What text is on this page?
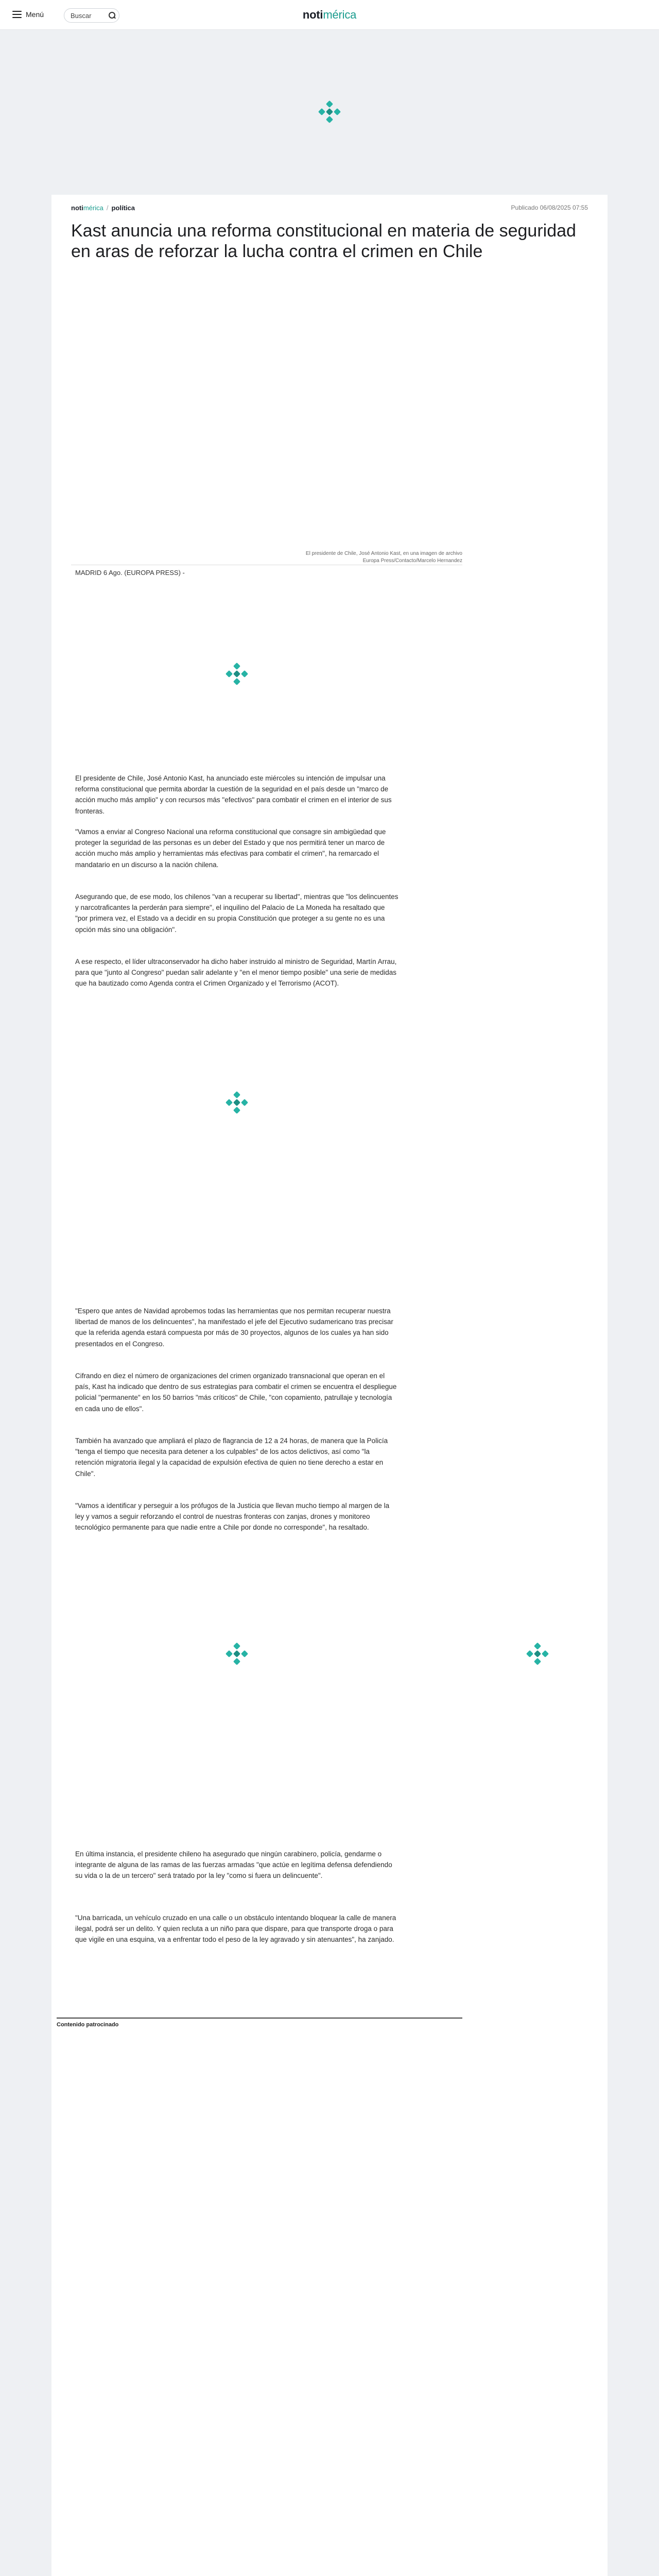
Menú	Buscar	notimérica
notimérica / política	Publicado 06/08/2025 07:55
Kast anuncia una reforma constitucional en materia de seguridad en aras de reforzar la lucha contra el crimen en Chile
El presidente de Chile, José Antonio Kast, en una imagen de archivo
Europa Press/Contacto/Marcelo Hernandez
MADRID 6 Ago. (EUROPA PRESS) -

El presidente de Chile, José Antonio Kast, ha anunciado este miércoles su intención de impulsar una reforma constitucional que permita abordar la cuestión de la seguridad en el país desde un "marco de acción mucho más amplio" y con recursos más "efectivos" para combatir el crimen en el interior de sus fronteras.

"Vamos a enviar al Congreso Nacional una reforma constitucional que consagre sin ambigüedad que proteger la seguridad de las personas es un deber del Estado y que nos permitirá tener un marco de acción mucho más amplio y herramientas más efectivas para combatir el crimen", ha remarcado el mandatario en un discurso a la nación chilena.

Asegurando que, de ese modo, los chilenos "van a recuperar su libertad", mientras que "los delincuentes y narcotraficantes la perderán para siempre", el inquilino del Palacio de La Moneda ha resaltado que "por primera vez, el Estado va a decidir en su propia Constitución que proteger a su gente no es una opción más sino una obligación".

A ese respecto, el líder ultraconservador ha dicho haber instruido al ministro de Seguridad, Martín Arrau, para que "junto al Congreso" puedan salir adelante y "en el menor tiempo posible" una serie de medidas que ha bautizado como Agenda contra el Crimen Organizado y el Terrorismo (ACOT).

"Espero que antes de Navidad aprobemos todas las herramientas que nos permitan recuperar nuestra libertad de manos de los delincuentes", ha manifestado el jefe del Ejecutivo sudamericano tras precisar que la referida agenda estará compuesta por más de 30 proyectos, algunos de los cuales ya han sido presentados en el Congreso.

Cifrando en diez el número de organizaciones del crimen organizado transnacional que operan en el país, Kast ha indicado que dentro de sus estrategias para combatir el crimen se encuentra el despliegue policial "permanente" en los 50 barrios "más críticos" de Chile, "con copamiento, patrullaje y tecnología en cada uno de ellos".

También ha avanzado que ampliará el plazo de flagrancia de 12 a 24 horas, de manera que la Policía "tenga el tiempo que necesita para detener a los culpables" de los actos delictivos, así como "la retención migratoria ilegal y la capacidad de expulsión efectiva de quien no tiene derecho a estar en Chile".

"Vamos a identificar y perseguir a los prófugos de la Justicia que llevan mucho tiempo al margen de la ley y vamos a seguir reforzando el control de nuestras fronteras con zanjas, drones y monitoreo tecnológico permanente para que nadie entre a Chile por donde no corresponde", ha resaltado.

En última instancia, el presidente chileno ha asegurado que ningún carabinero, policía, gendarme o integrante de alguna de las ramas de las fuerzas armadas "que actúe en legítima defensa defendiendo su vida o la de un tercero" será tratado por la ley "como si fuera un delincuente".

"Una barricada, un vehículo cruzado en una calle o un obstáculo intentando bloquear la calle de manera ilegal, podrá ser un delito. Y quien recluta a un niño para que dispare, para que transporte droga o para que vigile en una esquina, va a enfrentar todo el peso de la ley agravado y sin atenuantes", ha zanjado.

Contenido patrocinado
